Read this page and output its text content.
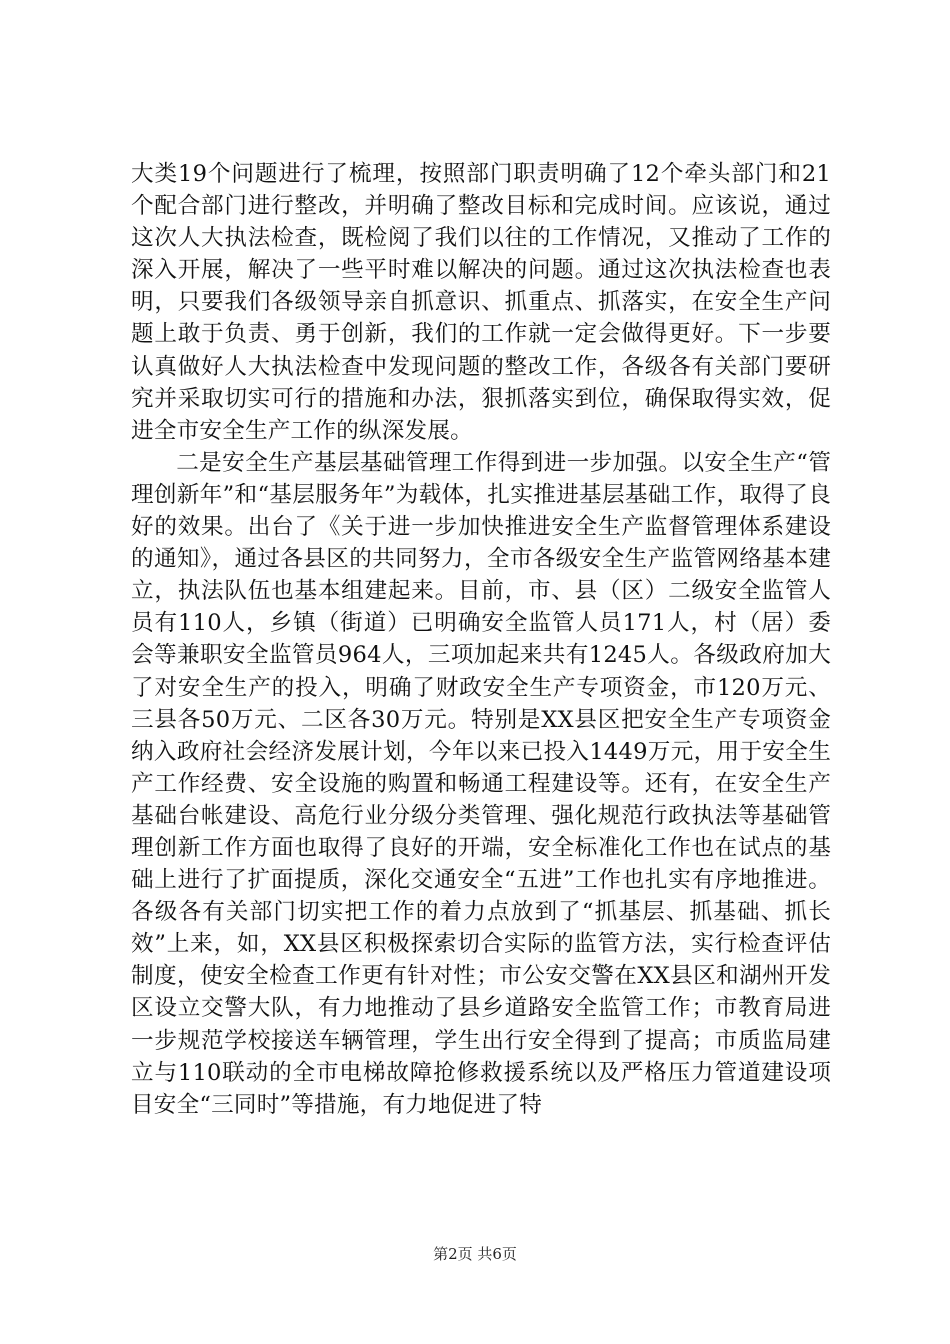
大类19个问题进行了梳理，按照部门职责明确了12个牵头部门和21个配合部门进行整改，并明确了整改目标和完成时间。应该说，通过这次人大执法检查，既检阅了我们以往的工作情况，又推动了工作的深入开展，解决了一些平时难以解决的问题。通过这次执法检查也表明，只要我们各级领导亲自抓意识、抓重点、抓落实，在安全生产问题上敢于负责、勇于创新，我们的工作就一定会做得更好。下一步要认真做好人大执法检查中发现问题的整改工作，各级各有关部门要研究并采取切实可行的措施和办法，狠抓落实到位，确保取得实效，促进全市安全生产工作的纵深发展。

二是安全生产基层基础管理工作得到进一步加强。以安全生产“管理创新年”和“基层服务年”为载体，扎实推进基层基础工作，取得了良好的效果。出台了《关于进一步加快推进安全生产监督管理体系建设的通知》，通过各县区的共同努力，全市各级安全生产监管网络基本建立，执法队伍也基本组建起来。目前，市、县（区）二级安全监管人员有110人，乡镇（街道）已明确安全监管人员171人，村（居）委会等兼职安全监管员964人，三项加起来共有1245人。各级政府加大了对安全生产的投入，明确了财政安全生产专项资金，市120万元、三县各50万元、二区各30万元。特别是XX县区把安全生产专项资金纳入政府社会经济发展计划，今年以来已投入1449万元，用于安全生产工作经费、安全设施的购置和畅通工程建设等。还有，在安全生产基础台帐建设、高危行业分级分类管理、强化规范行政执法等基础管理创新工作方面也取得了良好的开端，安全标准化工作也在试点的基础上进行了扩面提质，深化交通安全“五进”工作也扎实有序地推进。各级各有关部门切实把工作的着力点放到了“抓基层、抓基础、抓长效”上来，如，XX县区积极探索切合实际的监管方法，实行检查评估制度，使安全检查工作更有针对性；市公安交警在XX县区和湖州开发区设立交警大队，有力地推动了县乡道路安全监管工作；市教育局进一步规范学校接送车辆管理，学生出行安全得到了提高；市质监局建立与110联动的全市电梯故障抢修救援系统以及严格压力管道建设项目安全“三同时”等措施，有力地促进了特

第2页 共6页
